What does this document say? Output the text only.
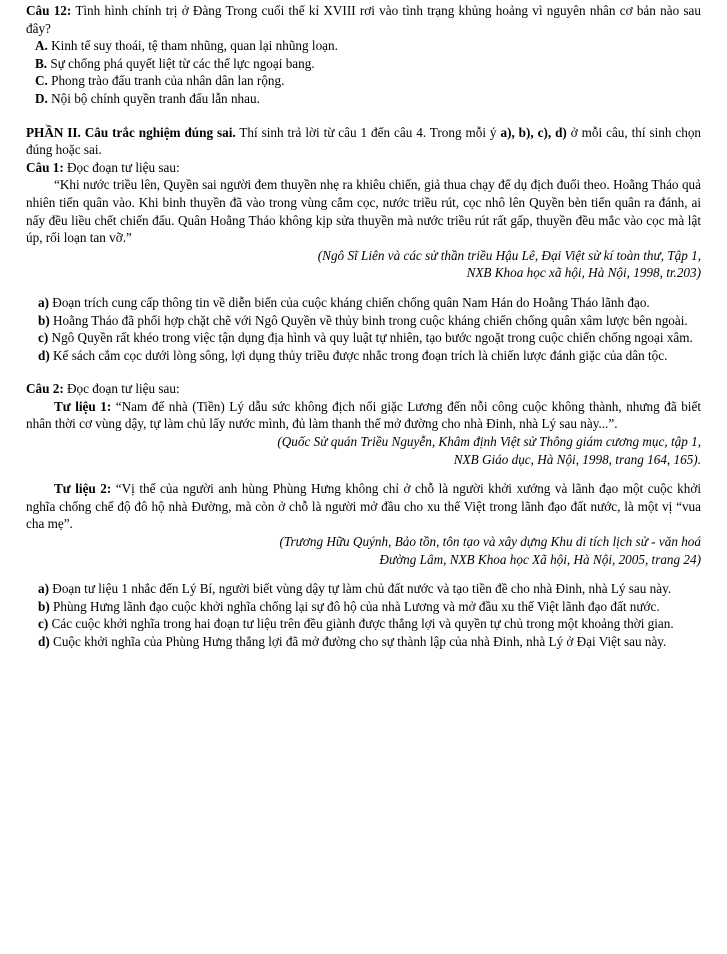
Câu 12: Tình hình chính trị ở Đàng Trong cuối thế kỉ XVIII rơi vào tình trạng khủng hoảng vì nguyên nhân cơ bản nào sau đây?

A. Kinh tế suy thoái, tệ tham nhũng, quan lại nhũng loạn.

B. Sự chống phá quyết liệt từ các thế lực ngoại bang.

C. Phong trào đấu tranh của nhân dân lan rộng.

D. Nội bộ chính quyền tranh đấu lẫn nhau.

PHẦN II. Câu trắc nghiệm đúng sai. Thí sinh trả lời từ câu 1 đến câu 4. Trong mỗi ý a), b), c), d) ở mỗi câu, thí sinh chọn đúng hoặc sai.

Câu 1: Đọc đoạn tư liệu sau:

“Khi nước triều lên, Quyền sai người đem thuyền nhẹ ra khiêu chiến, giả thua chạy để dụ địch đuổi theo. Hoằng Tháo quả nhiên tiến quân vào. Khi binh thuyền đã vào trong vùng cắm cọc, nước triều rút, cọc nhô lên Quyền bèn tiến quân ra đánh, ai nấy đều liều chết chiến đấu. Quân Hoằng Tháo không kịp sửa thuyền mà nước triều rút rất gấp, thuyền đều mắc vào cọc mà lật úp, rối loạn tan vỡ.”

(Ngô Sĩ Liên và các sử thần triều Hậu Lê, Đại Việt sử kí toàn thư, Tập 1,

NXB Khoa học xã hội, Hà Nội, 1998, tr.203)

a) Đoạn trích cung cấp thông tin về diễn biến của cuộc kháng chiến chống quân Nam Hán do Hoằng Tháo lãnh đạo.

b) Hoằng Tháo đã phối hợp chặt chẽ với Ngô Quyền về thủy binh trong cuộc kháng chiến chống quân xâm lược bên ngoài.

c) Ngô Quyền rất khéo trong việc tận dụng địa hình và quy luật tự nhiên, tạo bước ngoặt trong cuộc chiến chống ngoại xâm.

d) Kế sách cắm cọc dưới lòng sông, lợi dụng thủy triều được nhắc trong đoạn trích là chiến lược đánh giặc của dân tộc.

Câu 2: Đọc đoạn tư liệu sau:

Tư liệu 1: “Nam đế nhà (Tiền) Lý dẫu sức không địch nổi giặc Lương đến nỗi công cuộc không thành, nhưng đã biết nhân thời cơ vùng dậy, tự làm chủ lấy nước mình, đủ làm thanh thế mở đường cho nhà Đinh, nhà Lý sau này...”.

(Quốc Sử quán Triều Nguyễn, Khâm định Việt sử Thông giám cương mục, tập 1,

NXB Giáo dục, Hà Nội, 1998, trang 164, 165).

Tư liệu 2: “Vị thế của người anh hùng Phùng Hưng không chỉ ở chỗ là người khởi xướng và lãnh đạo một cuộc khởi nghĩa chống chế độ đô hộ nhà Đường, mà còn ở chỗ là người mở đầu cho xu thế Việt trong lãnh đạo đất nước, là một vị “vua cha mẹ”.

(Trương Hữu Quýnh, Bảo tồn, tôn tạo và xây dựng Khu di tích lịch sử - văn hoá

Đường Lâm, NXB Khoa học Xã hội, Hà Nội, 2005, trang 24)

a) Đoạn tư liệu 1 nhắc đến Lý Bí, người biết vùng dậy tự làm chủ đất nước và tạo tiền đề cho nhà Đinh, nhà Lý sau này.

b) Phùng Hưng lãnh đạo cuộc khởi nghĩa chống lại sự đô hộ của nhà Lương và mở đầu xu thế Việt lãnh đạo đất nước.

c) Các cuộc khởi nghĩa trong hai đoạn tư liệu trên đều giành được thắng lợi và quyền tự chủ trong một khoảng thời gian.

d) Cuộc khởi nghĩa của Phùng Hưng thắng lợi đã mở đường cho sự thành lập của nhà Đinh, nhà Lý ở Đại Việt sau này.
